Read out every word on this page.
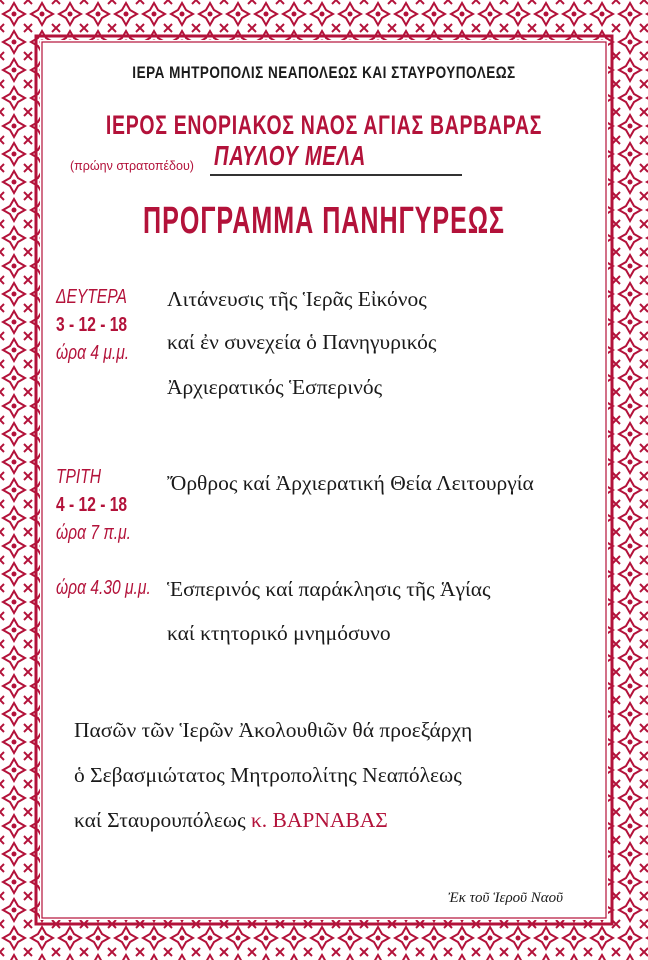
ΙΕΡΑ ΜΗΤΡΟΠΟΛΙΣ ΝΕΑΠΟΛΕΩΣ ΚΑΙ ΣΤΑΥΡΟΥΠΟΛΕΩΣ
ΙΕΡΟΣ ΕΝΟΡΙΑΚΟΣ ΝΑΟΣ ΑΓΙΑΣ ΒΑΡΒΑΡΑΣ
(πρώην στρατοπέδου) ΠΑΥΛΟΥ ΜΕΛΑ
ΠΡΟΓΡΑΜΜΑ ΠΑΝΗΓΥΡΕΩΣ
ΔΕΥΤΕΡΑ
3 - 12 - 18
ώρα 4 μ.μ.
Λιτάνευσις τῆς Ἱερᾶς Εἰκόνος
καί ἐν συνεχεία ὁ Πανηγυρικός
Ἀρχιερατικός Ἑσπερινός
ΤΡΙΤΗ
4 - 12 - 18
ώρα 7 π.μ.
Ὄρθρος καί Ἀρχιερατική Θεία Λειτουργία
ώρα 4.30 μ.μ. Ἑσπερινός καί παράκλησις τῆς Ἁγίας
καί κτητορικό μνημόσυνο
Πασῶν τῶν Ἱερῶν Ἀκολουθιῶν θά προεξάρχη
ὁ Σεβασμιώτατος Μητροπολίτης Νεαπόλεως
καί Σταυρουπόλεως κ. ΒΑΡΝΑΒΑΣ
Ἐκ τοῦ Ἱεροῦ Ναοῦ
